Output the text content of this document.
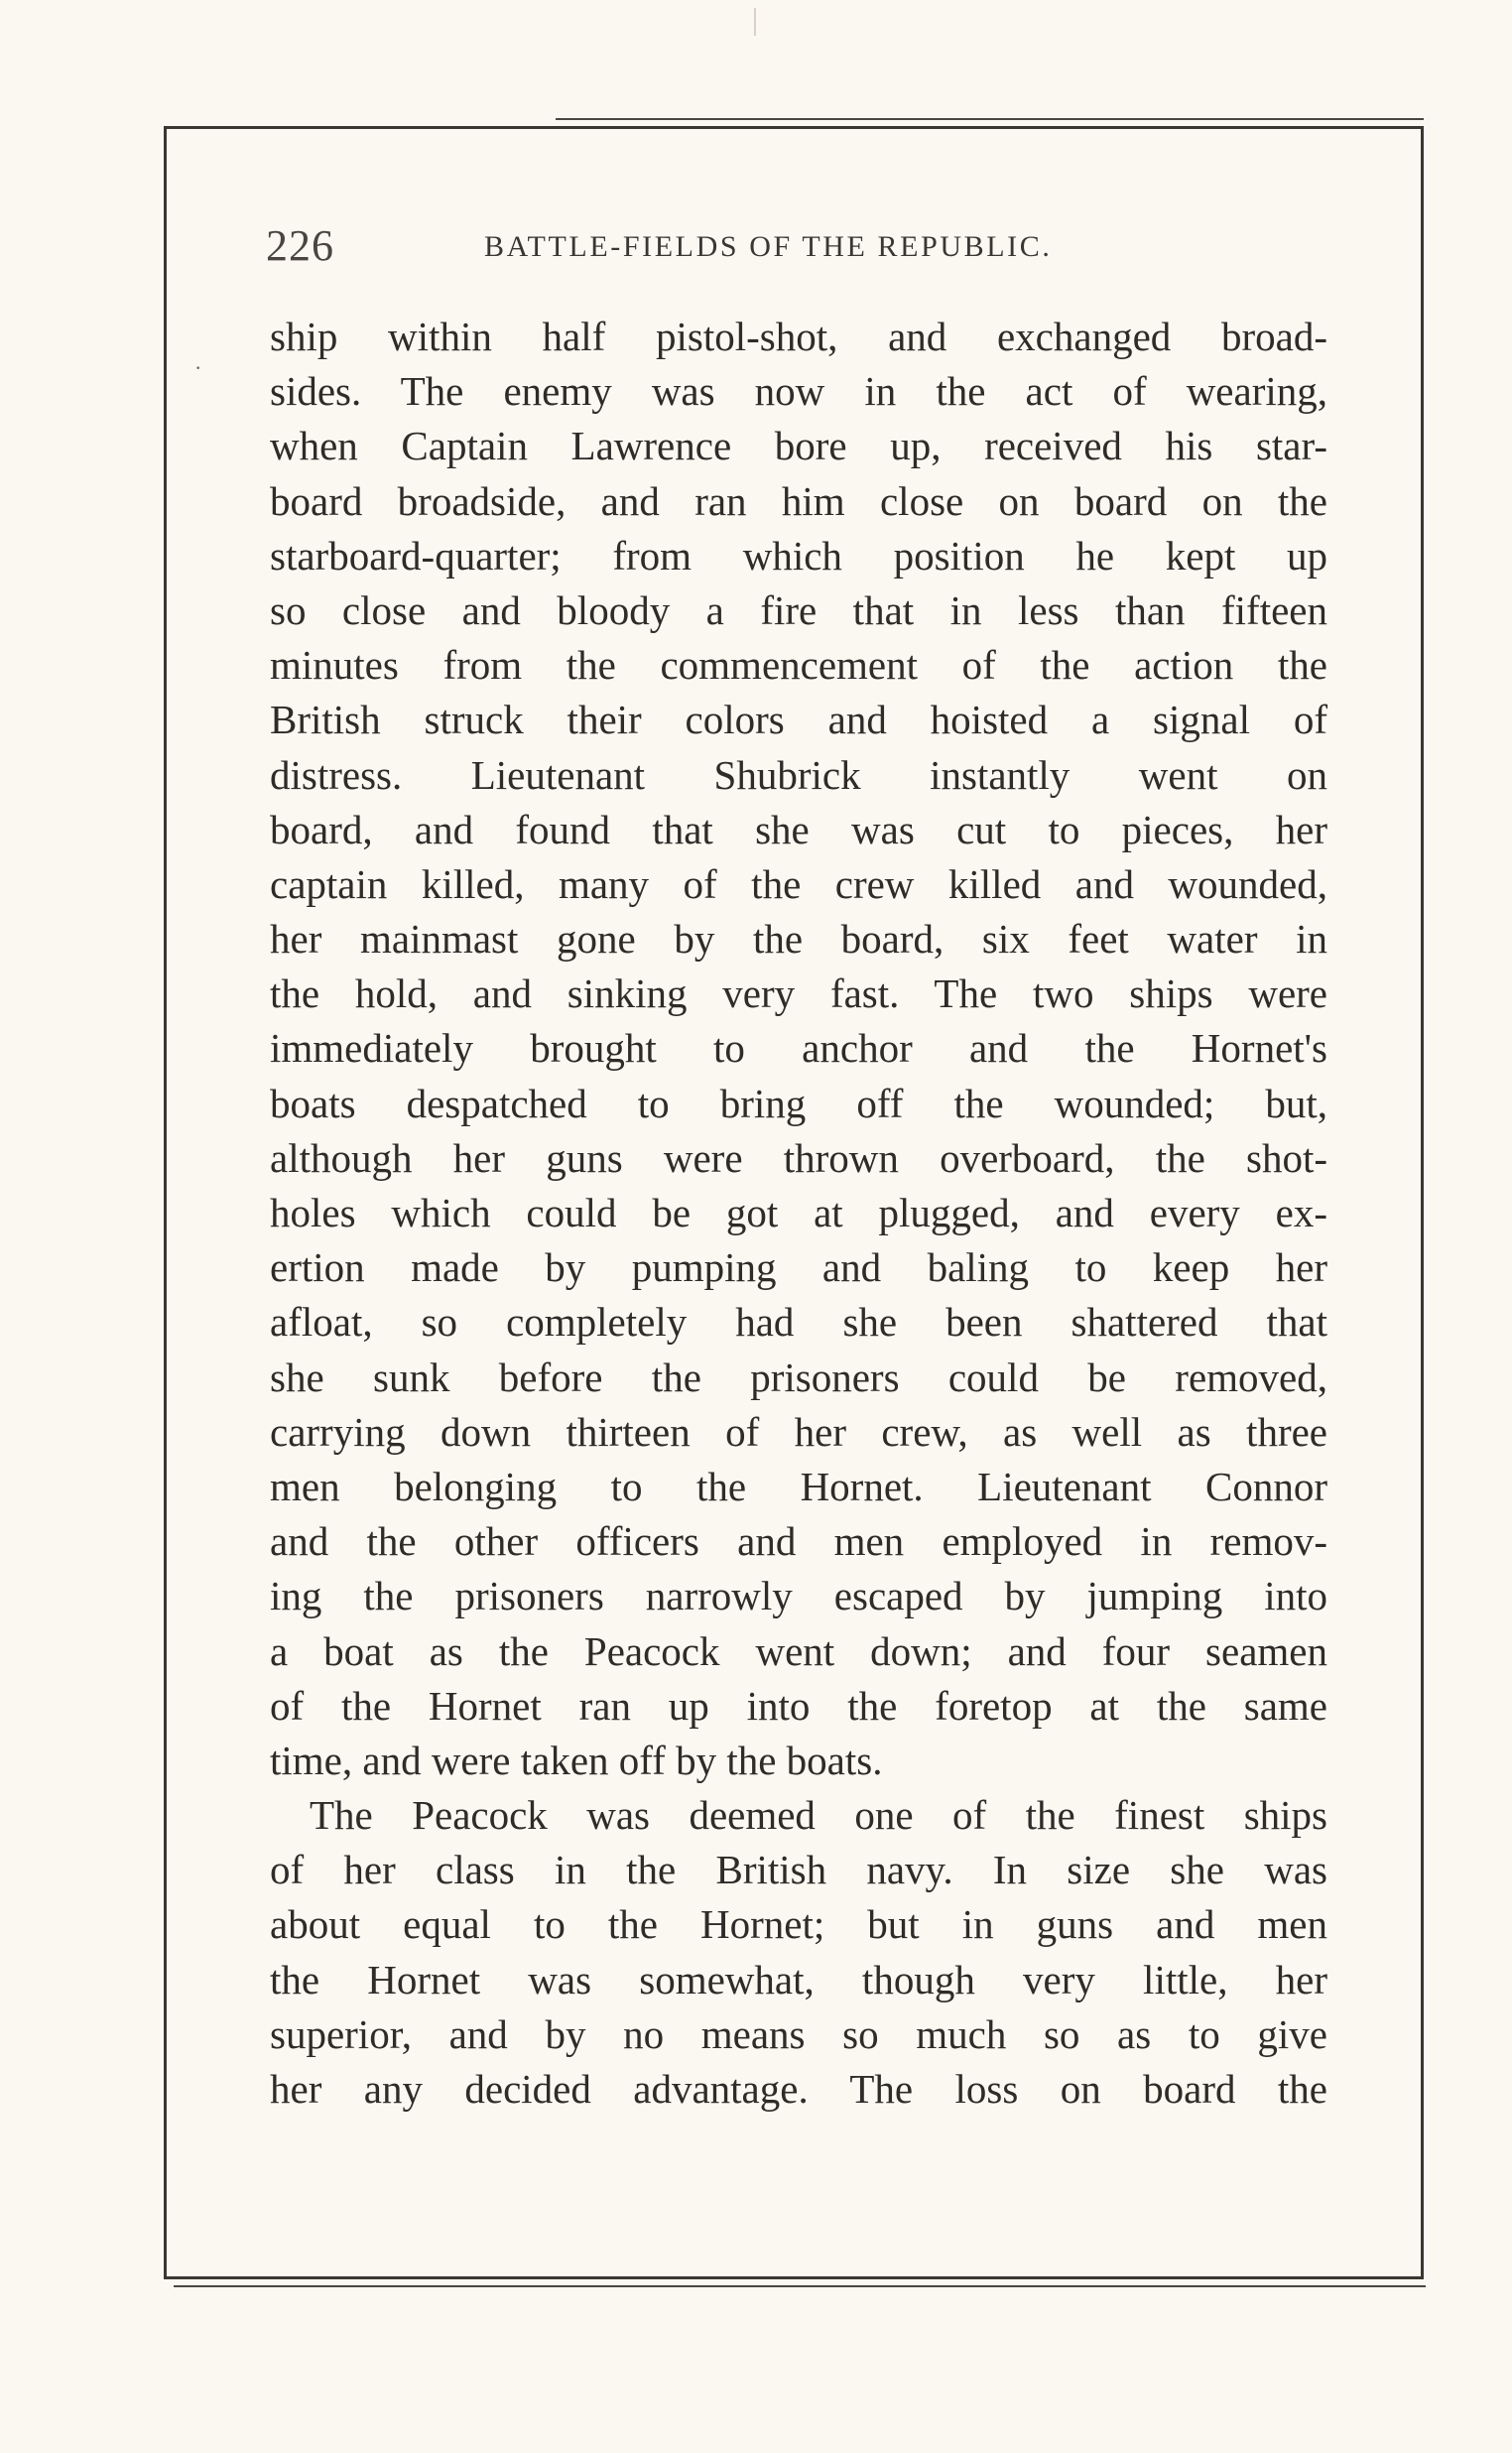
226	BATTLE-FIELDS OF THE REPUBLIC.
·
ship within half pistol-shot, and exchanged broad-
sides. The enemy was now in the act of wearing,
when Captain Lawrence bore up, received his star-
board broadside, and ran him close on board on the
starboard-quarter; from which position he kept up
so close and bloody a fire that in less than fifteen
minutes from the commencement of the action the
British struck their colors and hoisted a signal of
distress. Lieutenant Shubrick instantly went on
board, and found that she was cut to pieces, her
captain killed, many of the crew killed and wounded,
her mainmast gone by the board, six feet water in
the hold, and sinking very fast. The two ships were
immediately brought to anchor and the Hornet's
boats despatched to bring off the wounded; but,
although her guns were thrown overboard, the shot-
holes which could be got at plugged, and every ex-
ertion made by pumping and baling to keep her
afloat, so completely had she been shattered that
she sunk before the prisoners could be removed,
carrying down thirteen of her crew, as well as three
men belonging to the Hornet. Lieutenant Connor
and the other officers and men employed in remov-
ing the prisoners narrowly escaped by jumping into
a boat as the Peacock went down; and four seamen
of the Hornet ran up into the foretop at the same
time, and were taken off by the boats.
The Peacock was deemed one of the finest ships
of her class in the British navy. In size she was
about equal to the Hornet; but in guns and men
the Hornet was somewhat, though very little, her
superior, and by no means so much so as to give
her any decided advantage. The loss on board the
